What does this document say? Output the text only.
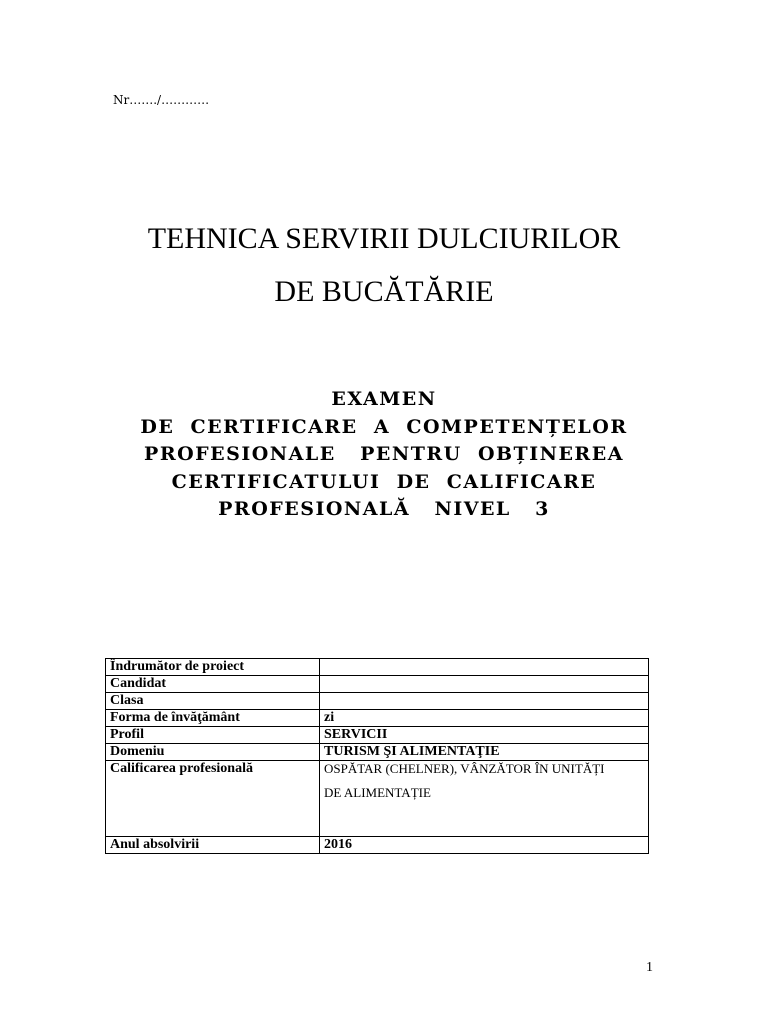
Nr……./…………
TEHNICA SERVIRII DULCIURILOR
DE BUCĂTĂRIE
EXAMEN
DE  CERTIFICARE  A  COMPETENȚELOR
PROFESIONALE   PENTRU  OBȚINEREA
CERTIFICATULUI  DE  CALIFICARE
PROFESIONALĂ   NIVEL   3
Îndrumător de proiect	
Candidat	
Clasa	
Forma de învăţământ	zi
Profil	SERVICII
Domeniu	TURISM ŞI ALIMENTAŢIE
Calificarea profesională	OSPĂTAR (CHELNER), VÂNZĂTOR ÎN UNITĂȚI
DE ALIMENTAȚIE

Anul absolvirii	2016
1
